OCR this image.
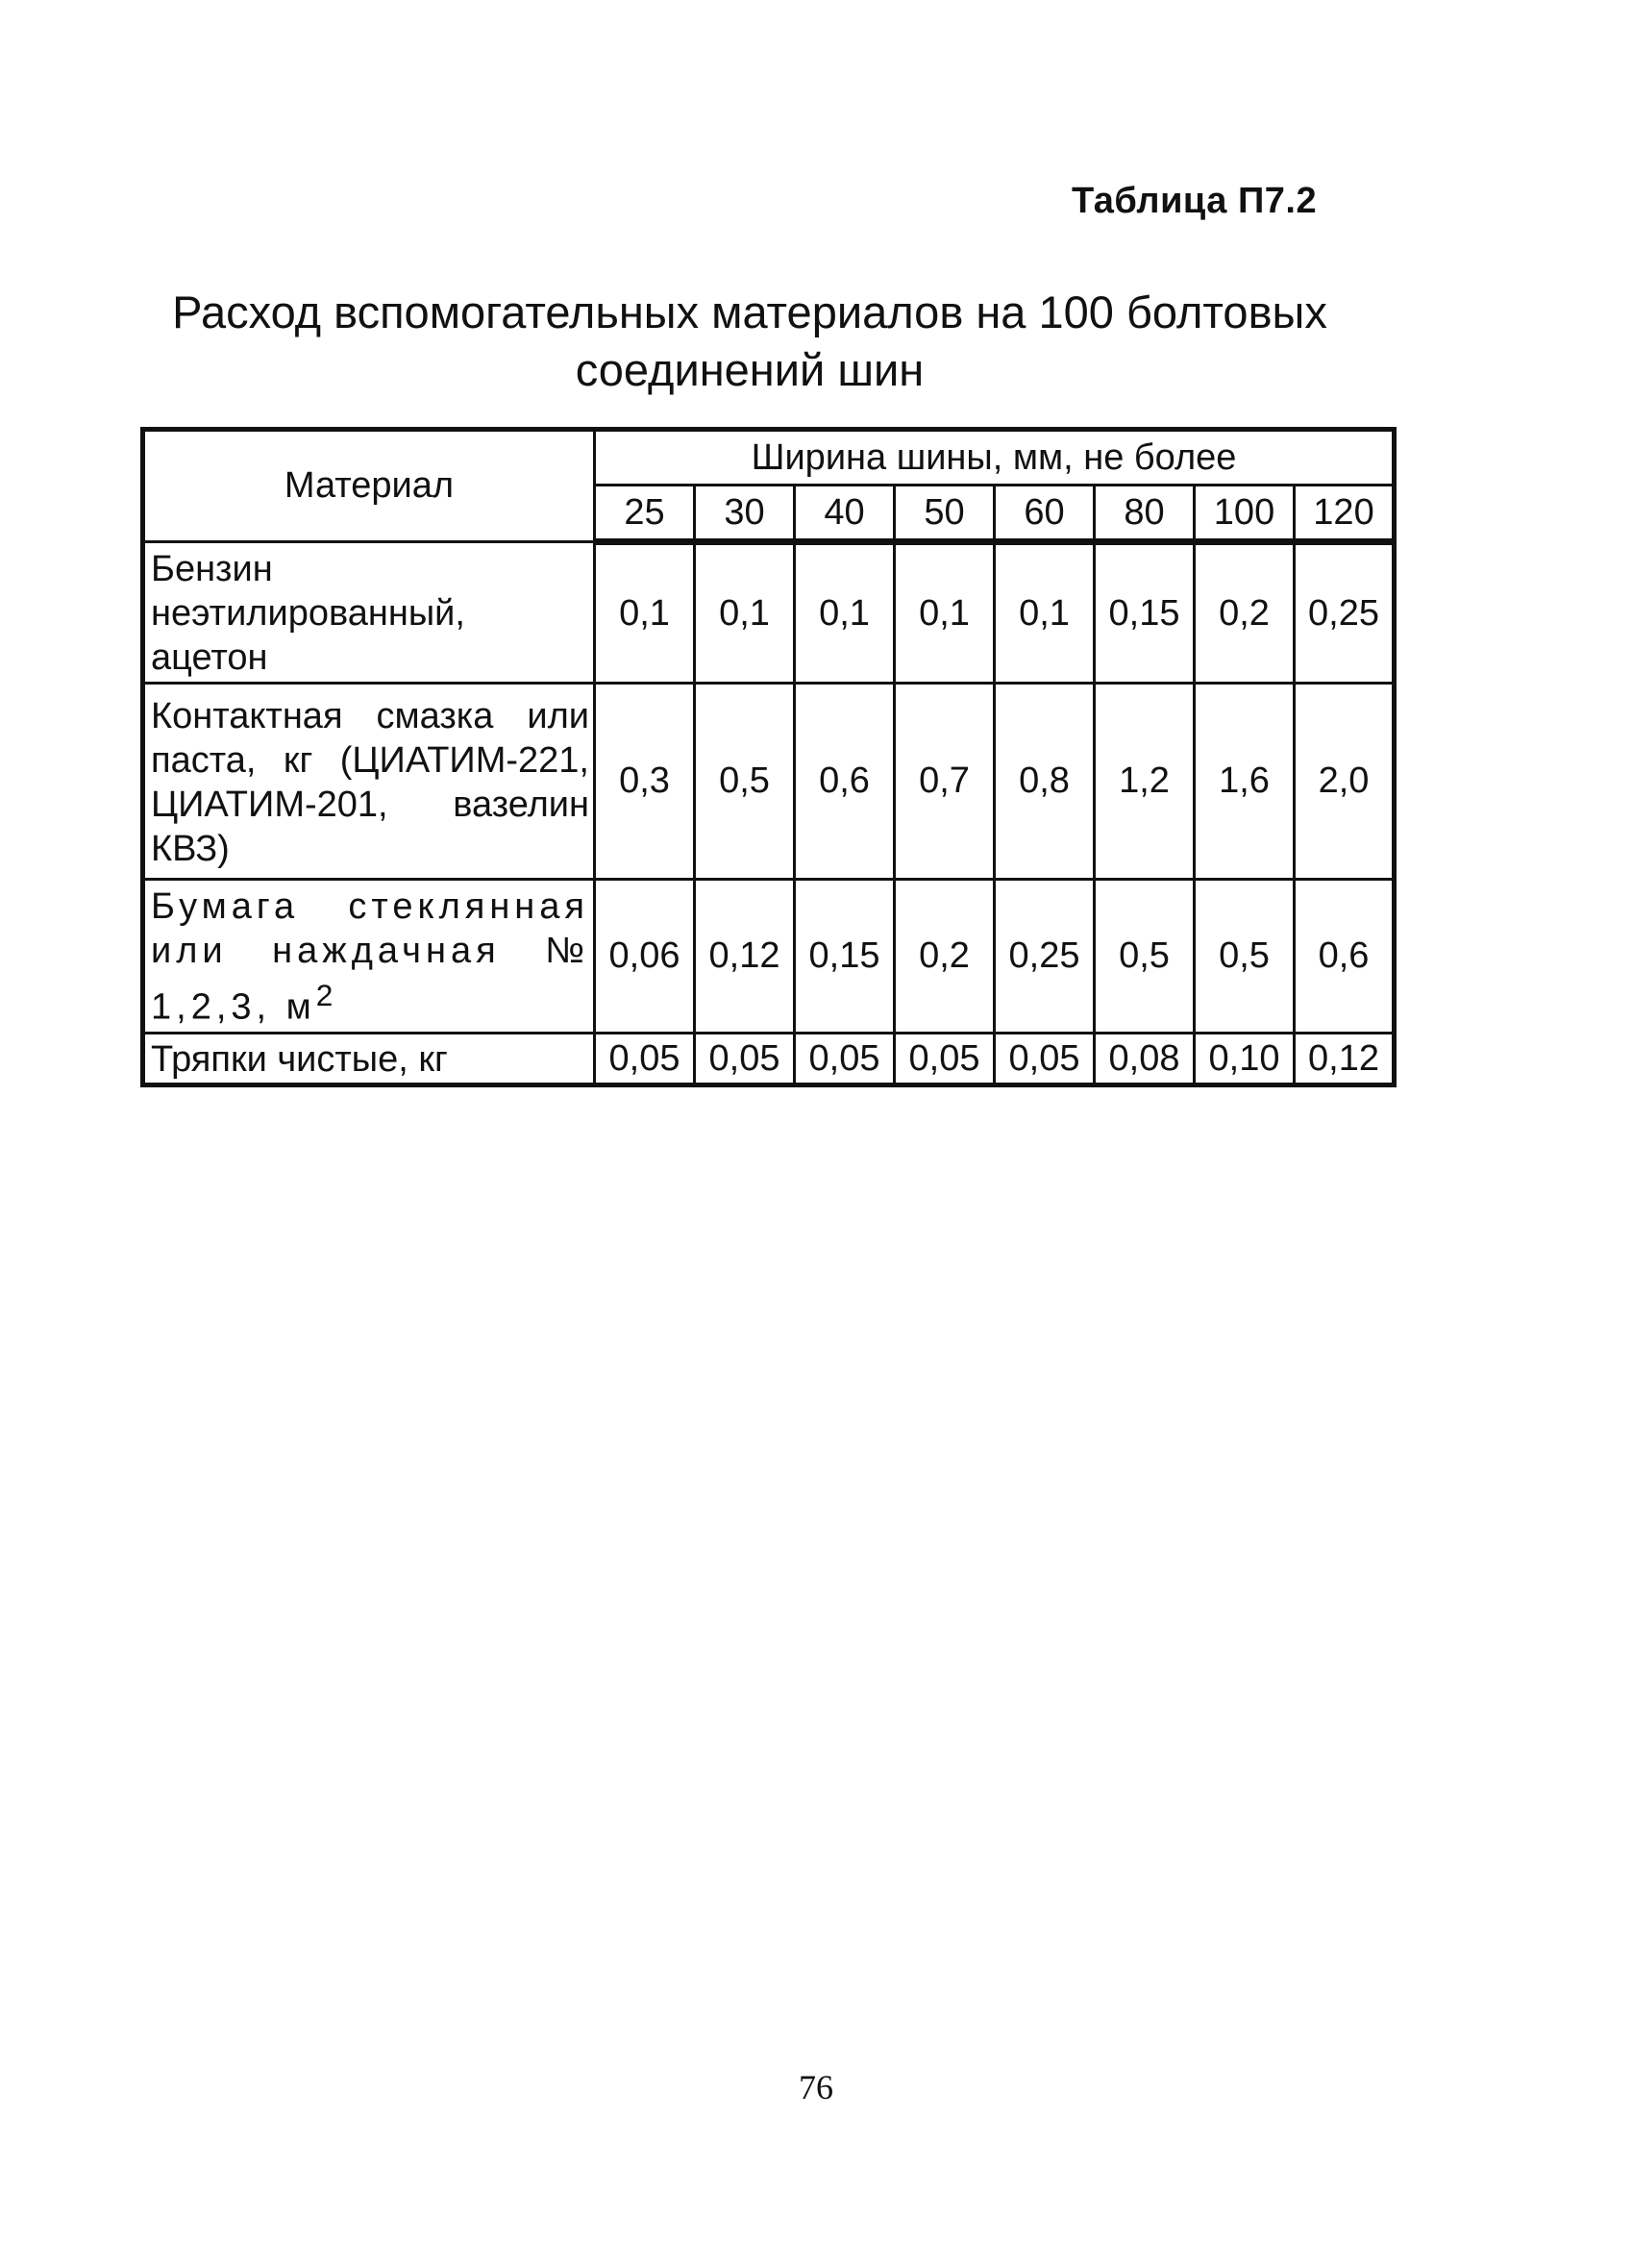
Таблица П7.2
Расход вспомогательных материалов на 100 болтовых
соединений шин
Материал	Ширина шины, мм, не более							
	25	30	40	50	60	80	100	120
Бензин неэтилированный, ацетон	0,1	0,1	0,1	0,1	0,1	0,15	0,2	0,25
Контактная смазка или паста, кг (ЦИАТИМ-221, ЦИАТИМ-201, вазелин КВЗ)	0,3	0,5	0,6	0,7	0,8	1,2	1,6	2,0
Бумага стеклянная или наждачная № 1,2,3, $м^2$	0,06	0,12	0,15	0,2	0,25	0,5	0,5	0,6
Тряпки чистые, кг	0,05	0,05	0,05	0,05	0,05	0,08	0,10	0,12
76
